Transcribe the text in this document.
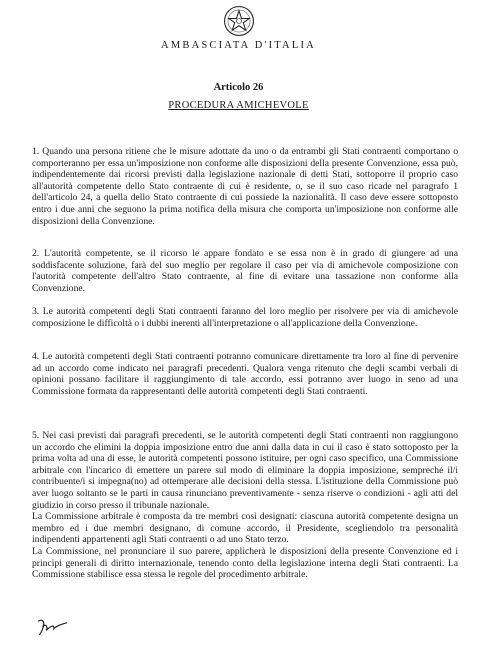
AMBASCIATA D'ITALIA
Articolo 26
PROCEDURA AMICHEVOLE

1. Quando una persona ritiene che le misure adottate da uno o da entrambi gli Stati contraenti comportano o comporteranno per essa un'imposizione non conforme alle disposizioni della presente Convenzione, essa può, indipendentemente dai ricorsi previsti dalla legislazione nazionale di detti Stati, sottoporre il proprio caso all'autorità competente dello Stato contraente di cui è residente, o, se il suo caso ricade nel paragrafo 1 dell'articolo 24, a quella dello Stato contraente di cui possiede la nazionalità. Il caso deve essere sottoposto entro i due anni che seguono la prima notifica della misura che comporta un'imposizione non conforme alle disposizioni della Convenzione.

2. L'autorità competente, se il ricorso le appare fondato e se essa non è in grado di giungere ad una soddisfacente soluzione, farà del suo meglio per regolare il caso per via di amichevole composizione con l'autorità competente dell'altro Stato contraente, al fine di evitare una tassazione non conforme alla Convenzione.

3. Le autorità competenti degli Stati contraenti faranno del loro meglio per risolvere per via di amichevole composizione le difficoltà o i dubbi inerenti all'interpretazione o all'applicazione della Convenzione.

4. Le autorità competenti degli Stati contraenti potranno comunicare direttamente tra loro al fine di pervenire ad un accordo come indicato nei paragrafi precedenti. Qualora venga ritenuto che degli scambi verbali di opinioni possano facilitare il raggiungimento di tale accordo, essi potranno aver luogo in seno ad una Commissione formata da rappresentanti delle autorità competenti degli Stati contraenti.

5. Nei casi previsti dai paragrafi precedenti, se le autorità competenti degli Stati contraenti non raggiungono un accordo che elimini la doppia imposizione entro due anni dalla data in cui il caso è stato sottoposto per la prima volta ad una di esse, le autorità competenti possono istituire, per ogni caso specifico, una Commissione arbitrale con l'incarico di emettere un parere sul modo di eliminare la doppia imposizione, sempreché il/i contribuente/i si impegna(no) ad ottemperare alle decisioni della stessa. L'istituzione della Commissione può aver luogo soltanto se le parti in causa rinunciano preventivamente - senza riserve o condizioni - agli atti del giudizio in corso presso il tribunale nazionale.
La Commissione arbitrale è composta da tre membri così designati: ciascuna autorità competente designa un membro ed i due membri designano, di comune accordo, il Presidente, scegliendolo tra personalità indipendenti appartenenti agli Stati contraenti o ad uno Stato terzo.
La Commissione, nel pronunciare il suo parere, applicherà le disposizioni della presente Convenzione ed i principi generali di diritto internazionale, tenendo conto della legislazione interna degli Stati contraenti. La Commissione stabilisce essa stessa le regole del procedimento arbitrale.
